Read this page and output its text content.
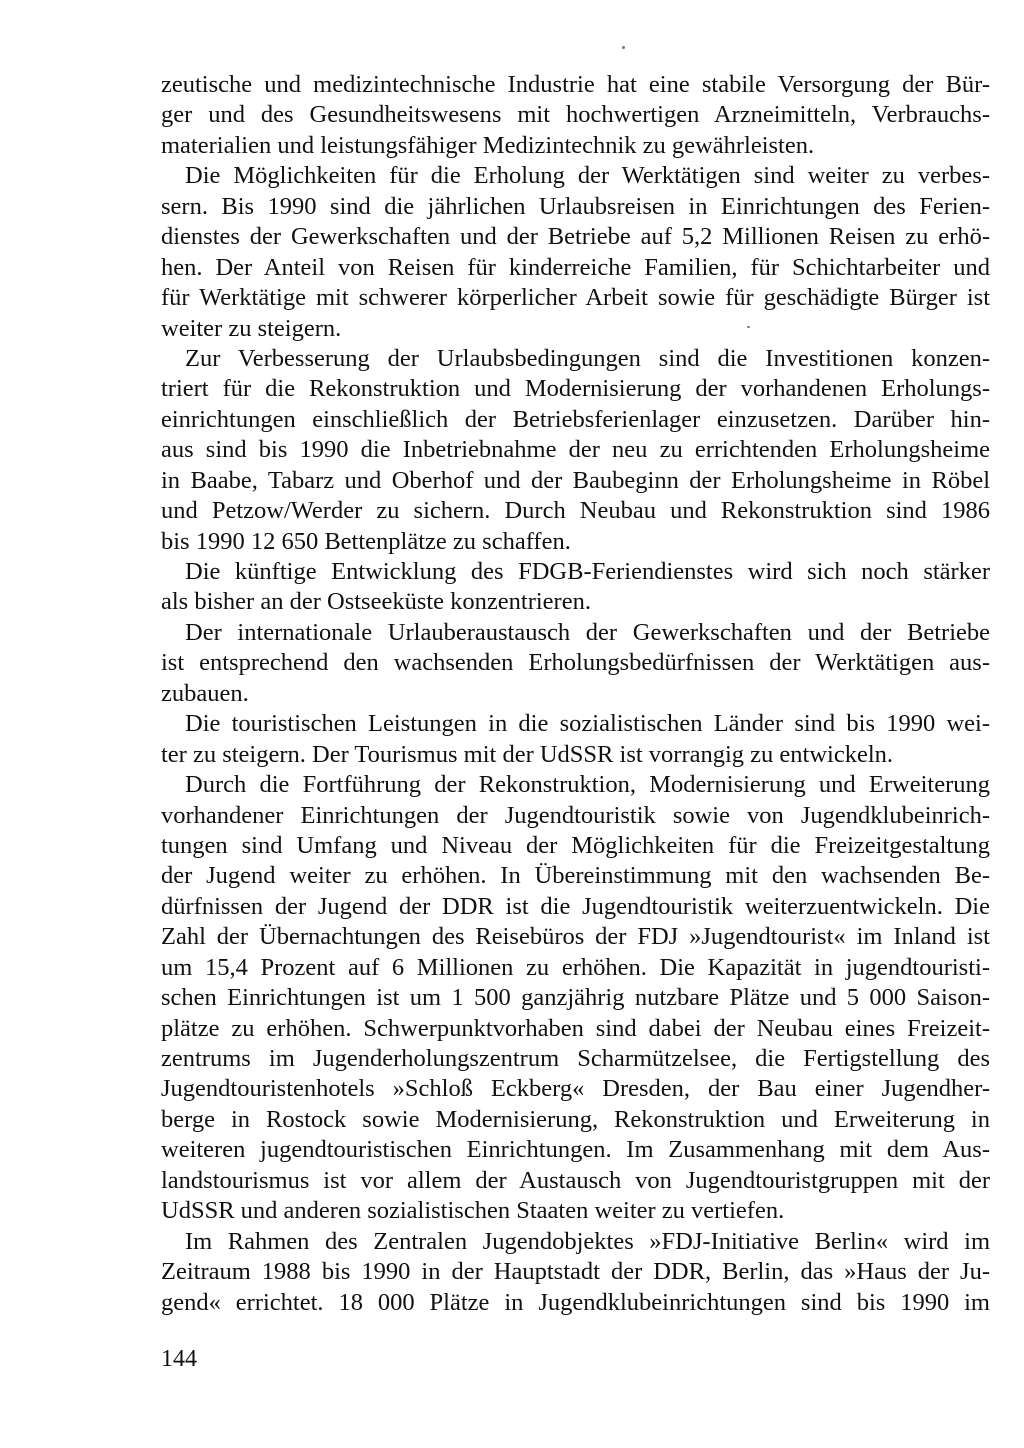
zeutische und medizintechnische Industrie hat eine stabile Versorgung der Bür-
ger und des Gesundheitswesens mit hochwertigen Arzneimitteln, Verbrauchs-
materialien und leistungsfähiger Medizintechnik zu gewährleisten.
Die Möglichkeiten für die Erholung der Werktätigen sind weiter zu verbes-
sern. Bis 1990 sind die jährlichen Urlaubsreisen in Einrichtungen des Ferien-
dienstes der Gewerkschaften und der Betriebe auf 5,2 Millionen Reisen zu erhö-
hen. Der Anteil von Reisen für kinderreiche Familien, für Schichtarbeiter und
für Werktätige mit schwerer körperlicher Arbeit sowie für geschädigte Bürger ist
weiter zu steigern.
Zur Verbesserung der Urlaubsbedingungen sind die Investitionen konzen-
triert für die Rekonstruktion und Modernisierung der vorhandenen Erholungs-
einrichtungen einschließlich der Betriebsferienlager einzusetzen. Darüber hin-
aus sind bis 1990 die Inbetriebnahme der neu zu errichtenden Erholungsheime
in Baabe, Tabarz und Oberhof und der Baubeginn der Erholungsheime in Röbel
und Petzow/Werder zu sichern. Durch Neubau und Rekonstruktion sind 1986
bis 1990 12 650 Bettenplätze zu schaffen.
Die künftige Entwicklung des FDGB-Feriendienstes wird sich noch stärker
als bisher an der Ostseeküste konzentrieren.
Der internationale Urlauberaustausch der Gewerkschaften und der Betriebe
ist entsprechend den wachsenden Erholungsbedürfnissen der Werktätigen aus-
zubauen.
Die touristischen Leistungen in die sozialistischen Länder sind bis 1990 wei-
ter zu steigern. Der Tourismus mit der UdSSR ist vorrangig zu entwickeln.
Durch die Fortführung der Rekonstruktion, Modernisierung und Erweiterung
vorhandener Einrichtungen der Jugendtouristik sowie von Jugendklubeinrich-
tungen sind Umfang und Niveau der Möglichkeiten für die Freizeitgestaltung
der Jugend weiter zu erhöhen. In Übereinstimmung mit den wachsenden Be-
dürfnissen der Jugend der DDR ist die Jugendtouristik weiterzuentwickeln. Die
Zahl der Übernachtungen des Reisebüros der FDJ »Jugendtourist« im Inland ist
um 15,4 Prozent auf 6 Millionen zu erhöhen. Die Kapazität in jugendtouristi-
schen Einrichtungen ist um 1 500 ganzjährig nutzbare Plätze und 5 000 Saison-
plätze zu erhöhen. Schwerpunktvorhaben sind dabei der Neubau eines Freizeit-
zentrums im Jugenderholungszentrum Scharmützelsee, die Fertigstellung des
Jugendtouristenhotels »Schloß Eckberg« Dresden, der Bau einer Jugendher-
berge in Rostock sowie Modernisierung, Rekonstruktion und Erweiterung in
weiteren jugendtouristischen Einrichtungen. Im Zusammenhang mit dem Aus-
landstourismus ist vor allem der Austausch von Jugendtouristgruppen mit der
UdSSR und anderen sozialistischen Staaten weiter zu vertiefen.
Im Rahmen des Zentralen Jugendobjektes »FDJ-Initiative Berlin« wird im
Zeitraum 1988 bis 1990 in der Hauptstadt der DDR, Berlin, das »Haus der Ju-
gend« errichtet. 18 000 Plätze in Jugendklubeinrichtungen sind bis 1990 im
144
